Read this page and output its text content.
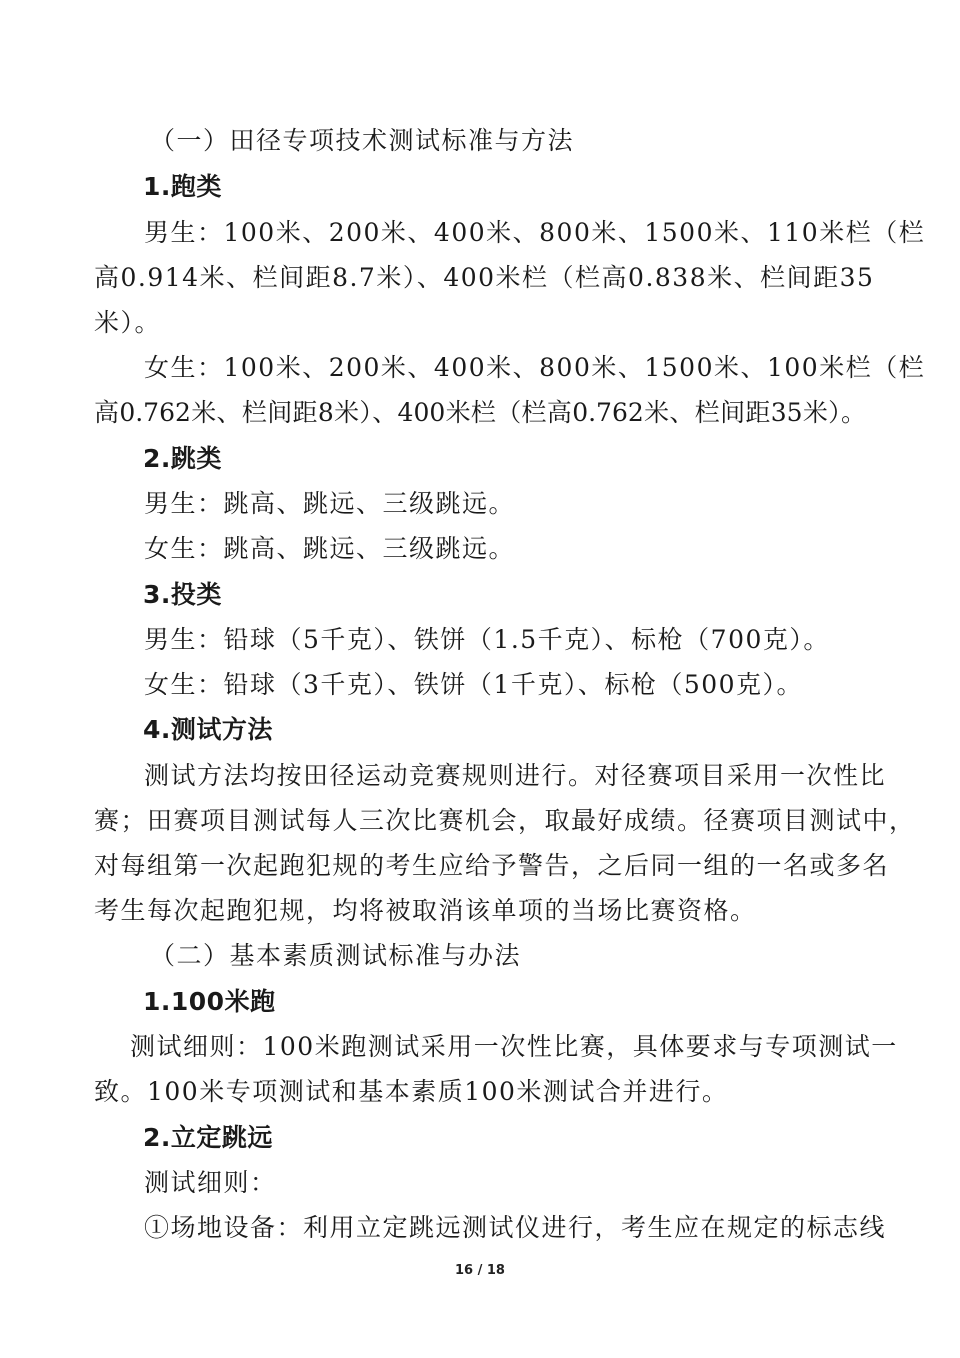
（一）田径专项技术测试标准与方法
1.跑类
男生：100米、200米、400米、800米、1500米、110米栏（栏
高0.914米、栏间距8.7米）、400米栏（栏高0.838米、栏间距35
米）。
女生：100米、200米、400米、800米、1500米、100米栏（栏
高0.762米、栏间距8米）、400米栏（栏高0.762米、栏间距35米）。
2.跳类
男生：跳高、跳远、三级跳远。
女生：跳高、跳远、三级跳远。
3.投类
男生：铅球（5千克）、铁饼（1.5千克）、标枪（700克）。
女生：铅球（3千克）、铁饼（1千克）、标枪（500克）。
4.测试方法
测试方法均按田径运动竞赛规则进行。对径赛项目采用一次性比
赛；田赛项目测试每人三次比赛机会，取最好成绩。径赛项目测试中，
对每组第一次起跑犯规的考生应给予警告，之后同一组的一名或多名
考生每次起跑犯规，均将被取消该单项的当场比赛资格。
（二）基本素质测试标准与办法
1.100米跑
测试细则：100米跑测试采用一次性比赛，具体要求与专项测试一
致。100米专项测试和基本素质100米测试合并进行。
2.立定跳远
测试细则：
①场地设备：利用立定跳远测试仪进行，考生应在规定的标志线
16 / 18
